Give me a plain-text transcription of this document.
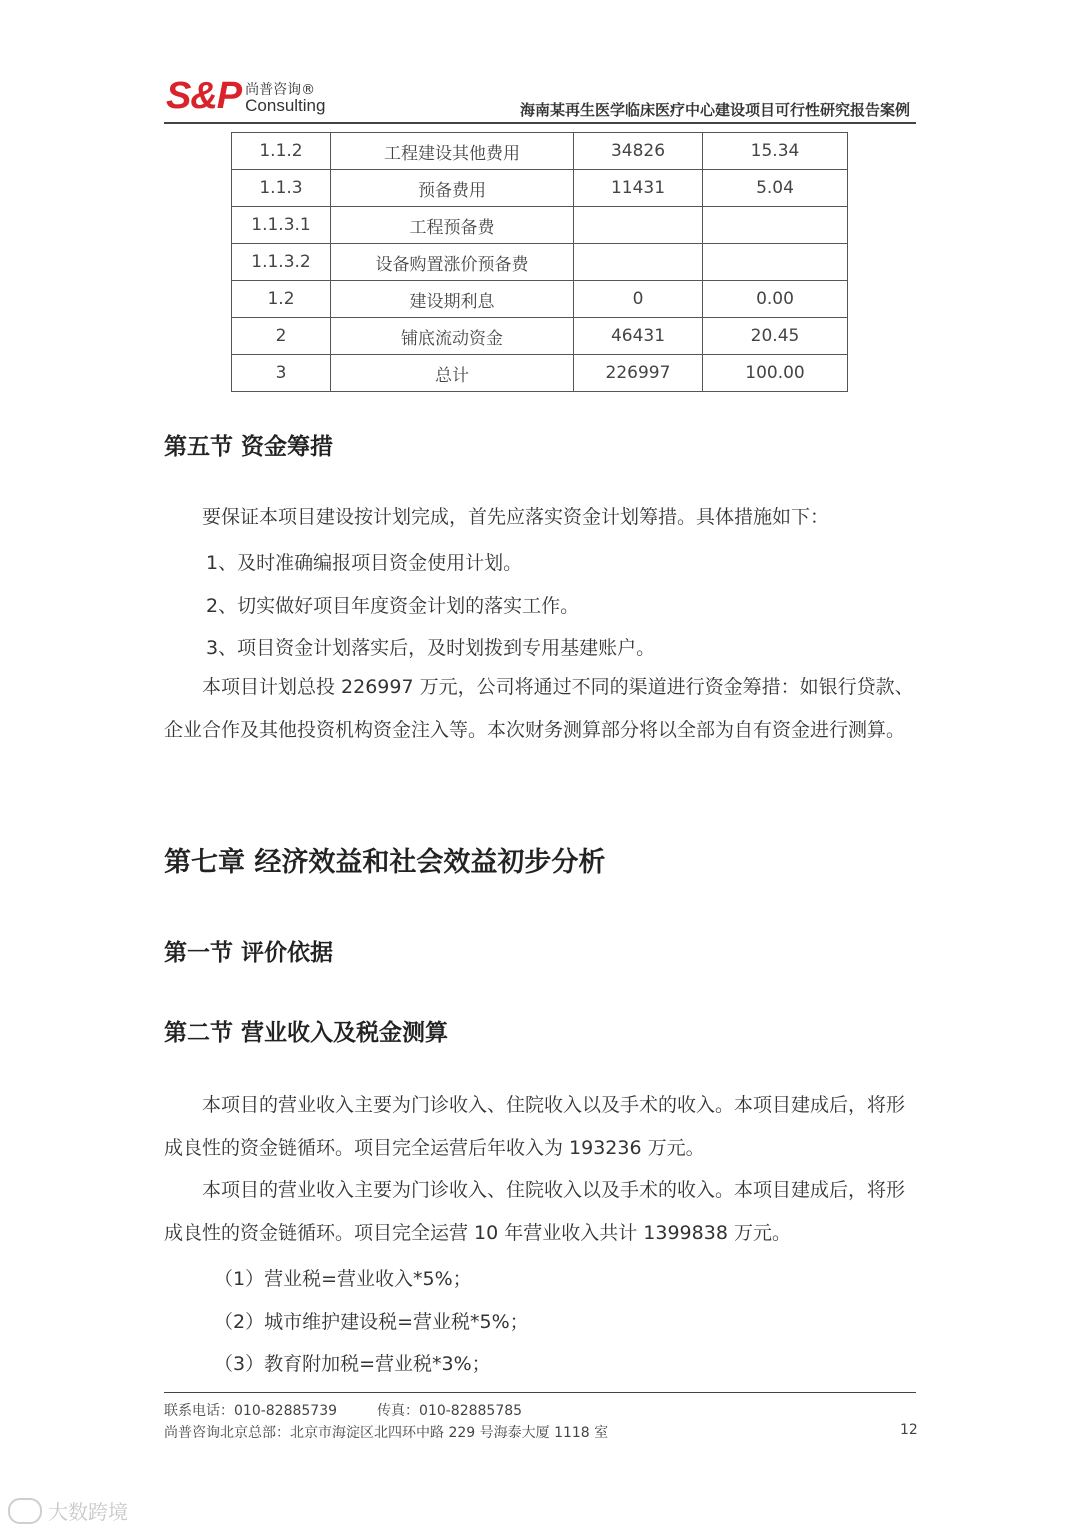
S&P 尚普咨询®
Consulting	海南某再生医学临床医疗中心建设项目可行性研究报告案例
1.1.2	工程建设其他费用	34826	15.34
1.1.3	预备费用	11431	5.04
1.1.3.1	工程预备费		
1.1.3.2	设备购置涨价预备费		
1.2	建设期利息	0	0.00
2	铺底流动资金	46431	20.45
3	总计	226997	100.00
第五节 资金筹措

要保证本项目建设按计划完成，首先应落实资金计划筹措。具体措施如下：

1、及时准确编报项目资金使用计划。
2、切实做好项目年度资金计划的落实工作。
3、项目资金计划落实后，及时划拨到专用基建账户。

本项目计划总投 226997 万元，公司将通过不同的渠道进行资金筹措：如银行贷款、企业合作及其他投资机构资金注入等。本次财务测算部分将以全部为自有资金进行测算。

第七章 经济效益和社会效益初步分析
第一节 评价依据
第二节 营业收入及税金测算

本项目的营业收入主要为门诊收入、住院收入以及手术的收入。本项目建成后，将形成良性的资金链循环。项目完全运营后年收入为 193236 万元。

本项目的营业收入主要为门诊收入、住院收入以及手术的收入。本项目建成后，将形成良性的资金链循环。项目完全运营 10 年营业收入共计 1399838 万元。

（1）营业税=营业收入*5%；
（2）城市维护建设税=营业税*5%；
（3）教育附加税=营业税*3%；
联系电话：010-82885739	传真：010-82885785
尚普咨询北京总部：北京市海淀区北四环中路 229 号海泰大厦 1118 室	12
大数跨境
